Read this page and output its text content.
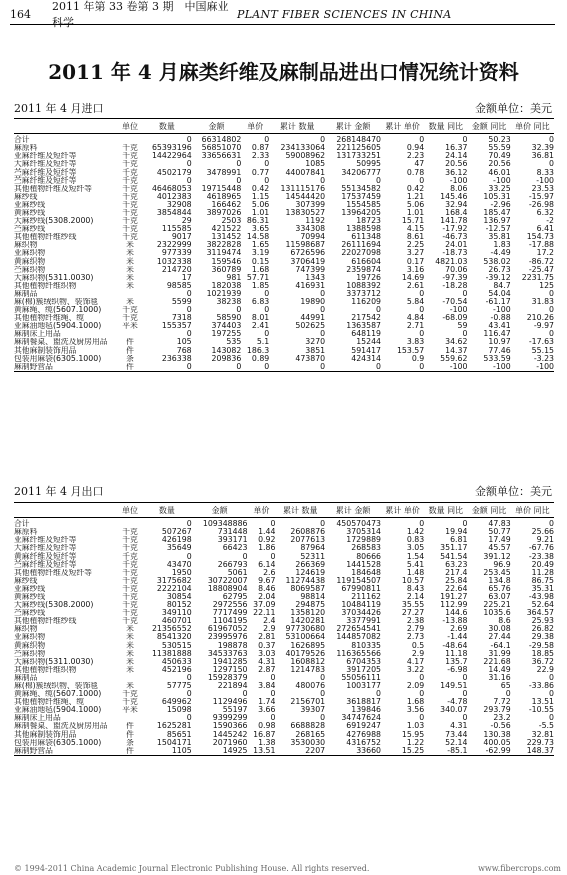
164
2011 年第 33 卷第 3 期　中国麻业科学
PLANT FIBER SCIENCES IN CHINA
2011 年 4 月麻类纤维及麻制品进出口情况统计资料
2011 年 4 月进口	金额单位：美元
	单位	数量	金额	单价	累计 数量	累计 金额	累计 单价	数量 同比	金额 同比	单价 同比
合计		0	66314802	0	0	268148470	0	0	50.23	0
麻原料	千克	65393196	56851070	0.87	234133064	221125605	0.94	16.37	55.59	32.39
亚麻纤维及短纤等	千克	14422964	33656631	2.33	59008962	131733251	2.23	24.14	70.49	36.81
大麻纤维及短纤等	千克	0	0	0	1085	50995	47	20.56	20.56	0
苎麻纤维及短纤等	千克	4502179	3478991	0.77	44007841	34206777	0.78	36.12	46.01	8.33
苎麻纤维及短纤等	千克	0	0	0	0	0	0	-100	-100	-100
其他植物纤维及短纤等	千克	46468053	19715448	0.42	131115176	55134582	0.42	8.06	33.25	23.53
麻纱线	千克	4012383	4618965	1.15	14544420	17537459	1.21	145.46	105.31	-15.97
亚麻纱线	千克	32908	166462	5.06	307399	1554585	5.06	32.94	-2.96	-26.98
黄麻纱线	千克	3854844	3897026	1.01	13830527	13964205	1.01	168.4	185.47	6.32
大麻纱线(5308.2000)	千克	29	2503	86.31	1192	18723	15.71	141.78	136.97	-2
苎麻纱线	千克	115585	421522	3.65	334308	1388598	4.15	-17.92	-12.57	6.41
其他植物纤维纱线	千克	9017	131452	14.58	70994	611348	8.61	-46.73	35.81	154.73
麻织物	米	2322999	3822828	1.65	11598687	26111694	2.25	24.01	1.83	-17.88
亚麻织物	米	977339	3119474	3.19	6726596	22027098	3.27	-18.73	-4.49	17.2
黄麻织物	米	1032338	159546	0.15	3706419	616604	0.17	4821.03	538.02	-86.72
苎麻织物	米	214720	360789	1.68	747399	2359874	3.16	70.06	26.73	-25.47
大麻织物(5311.0030)	米	17	981	57.71	1343	19726	14.69	-97.39	-39.12	2231.75
其他植物纤维织物	米	98585	182038	1.85	416931	1088392	2.61	-18.28	84.7	125
麻制品		0	1021939	0	0	3373712	0	0	54.04	0
麻(棉)簇绒织物、装饰毯	米	5599	38238	6.83	19890	116209	5.84	-70.54	-61.17	31.83
黄麻绳、缆(5607.1000)	千克	0	0	0	0	0	0	-100	-100	0
其他植物纤维绳、缆	千克	7318	58590	8.01	44991	217542	4.84	-68.09	-0.88	210.26
亚麻油地毡(5904.1000)	平米	155357	374403	2.41	502625	1363587	2.71	59	43.41	-9.97
麻制床上用品		0	197255	0	0	648119	0	0	116.47	0
麻制餐桌、盥洗及厨房用品	件	105	535	5.1	3270	15244	3.83	34.62	10.97	-17.63
其他麻制装饰用品	件	768	143082	186.3	3851	591417	153.57	14.37	77.46	55.15
包装用麻袋(6305.1000)	条	236338	209836	0.89	473870	424314	0.9	559.62	533.59	-3.23
麻制野营品	件	0	0	0	0	0	0	-100	-100	-100
2011 年 4 月出口	金额单位：美元
	单位	数量	金额	单价	累计 数量	累计 金额	累计 单价	数量 同比	金额 同比	单价 同比
合计		0	109348886	0	0	450570473	0	0	47.83	0
麻原料	千克	507267	731448	1.44	2608876	3705314	1.42	19.94	50.77	25.66
亚麻纤维及短纤等	千克	426198	393171	0.92	2077613	1729889	0.83	6.81	17.49	9.21
大麻纤维及短纤等	千克	35649	66423	1.86	87964	268583	3.05	351.17	45.57	-67.76
黄麻纤维及短纤等	千克	0	0	0	52311	80666	1.54	541.54	391.12	-23.38
苎麻纤维及短纤等	千克	43470	266793	6.14	266369	1441528	5.41	63.23	96.9	20.49
其他植物纤维及短纤等	千克	1950	5061	2.6	124619	184648	1.48	217.4	253.45	11.28
麻纱线	千克	3175682	30722007	9.67	11274438	119154507	10.57	25.84	134.8	86.75
亚麻纱线	千克	2222104	18808904	8.46	8069587	67990811	8.43	22.64	65.76	35.31
黄麻纱线	千克	30854	62795	2.04	98814	211162	2.14	191.27	63.07	-43.98
大麻纱线(5308.2000)	千克	80152	2972556	37.09	294875	10484119	35.55	112.99	225.21	52.64
苎麻纱线	千克	349110	7717499	22.11	1358120	37034426	27.27	144.6	1035.6	364.57
其他植物纤维纱线	千克	460701	1104195	2.4	1420281	3377991	2.38	-13.88	8.6	25.93
麻织物	米	21356552	61967052	2.9	97730680	272654541	2.79	2.69	30.08	26.82
亚麻织物	米	8541320	23995976	2.81	53100664	144857082	2.73	-1.44	27.44	29.38
黄麻织物	米	530515	198878	0.37	1626895	810335	0.5	-48.64	-64.1	-29.58
苎麻织物	米	11381888	34533763	3.03	40179526	116365566	2.9	11.18	31.99	18.85
大麻织物(5311.0030)	米	450633	1941285	4.31	1608812	6704353	4.17	135.7	221.68	36.72
其他植物纤维织物	米	452196	1297150	2.87	1214783	3917205	3.22	-6.98	14.49	22.9
麻制品		0	15928379	0	0	55056111	0	0	31.16	0
麻(棉)簇绒织物、装饰毯	米	57775	221894	3.84	480076	1003177	2.09	149.51	65	-33.86
黄麻绳、缆(5607.1000)	千克	0	0	0	0	0	0	0	0	0
其他植物纤维绳、缆	千克	649962	1129496	1.74	2156701	3618817	1.68	-4.78	7.72	13.51
亚麻油地毡(5904.1000)	平米	15098	55197	3.66	39307	139846	3.56	340.07	293.79	-10.55
麻制床上用品		0	9399299	0	0	34747624	0	0	23.2	0
麻制餐桌、盥洗及厨房用品	件	1625281	1590366	0.98	6688828	6919247	1.03	4.31	-0.56	-5.5
其他麻制装饰用品	件	85651	1445242	16.87	268165	4276988	15.95	73.44	130.38	32.81
包装用麻袋(6305.1000)	条	1504171	2071960	1.38	3530030	4316752	1.22	52.14	400.05	229.73
麻制野营品	件	1105	14925	13.51	2207	33660	15.25	-85.1	-62.99	148.37
© 1994-2011 China Academic Journal Electronic Publishing House. All rights reserved.	www.fibercrops.com
